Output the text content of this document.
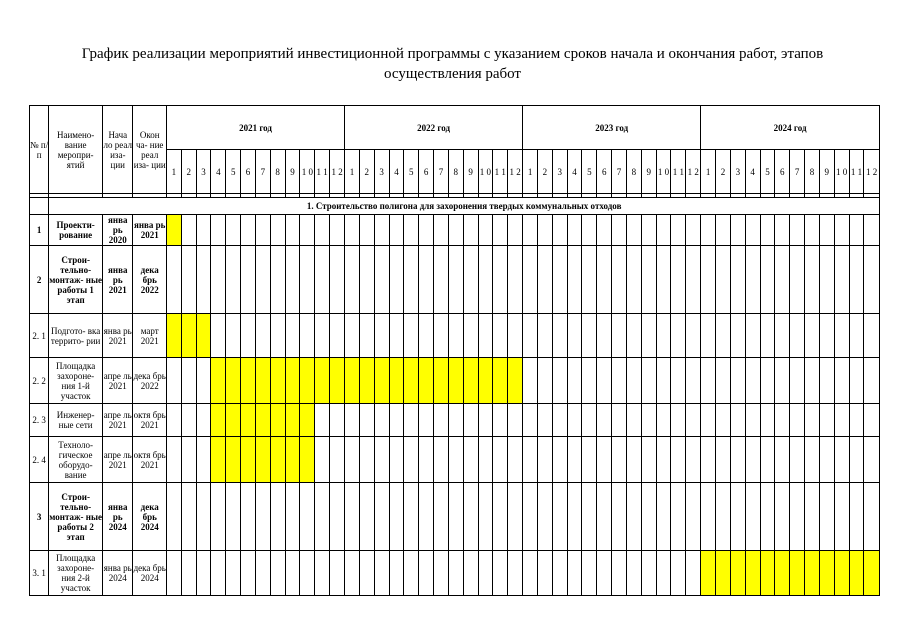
График реализации мероприятий инвестиционной программы с указанием сроков начала и окончания работ, этапов осуществления работ
№ п/ п	Наимено- вание меропри- ятий	Нача ло реал иза- ции	Окон ча- ние реал иза- ции	2021 год												2022 год												2023 год												2024 год											
				1	2	3	4	5	6	7	8	9	1 0	1 1	1 2	1	2	3	4	5	6	7	8	9	1 0	1 1	1 2	1	2	3	4	5	6	7	8	9	1 0	1 1	1 2	1	2	3	4	5	6	7	8	9	1 0	1 1	1 2

	1. Строительство полигона для захоронения твердых коммунальных отходов																																																		
1	Проекти- рование	янва рь 2020	янва рь 2021																																																
2	Строи- тельно- монтаж- ные работы 1 этап	янва рь 2021	дека брь 2022																																																
2. 1	Подгото- вка террито- рии	янва рь 2021	март 2021																																																
2. 2	Площадка захороне- ния 1-й участок	апре ль 2021	дека брь 2022																																																
2. 3	Инженер- ные сети	апре ль 2021	октя брь 2021																																																
2. 4	Техноло- гическое оборудо- вание	апре ль 2021	октя брь 2021																																																
3	Строи- тельно- монтаж- ные работы 2 этап	янва рь 2024	дека брь 2024																																																
3. 1	Площадка захороне- ния 2-й участок	янва рь 2024	дека брь 2024																																																
